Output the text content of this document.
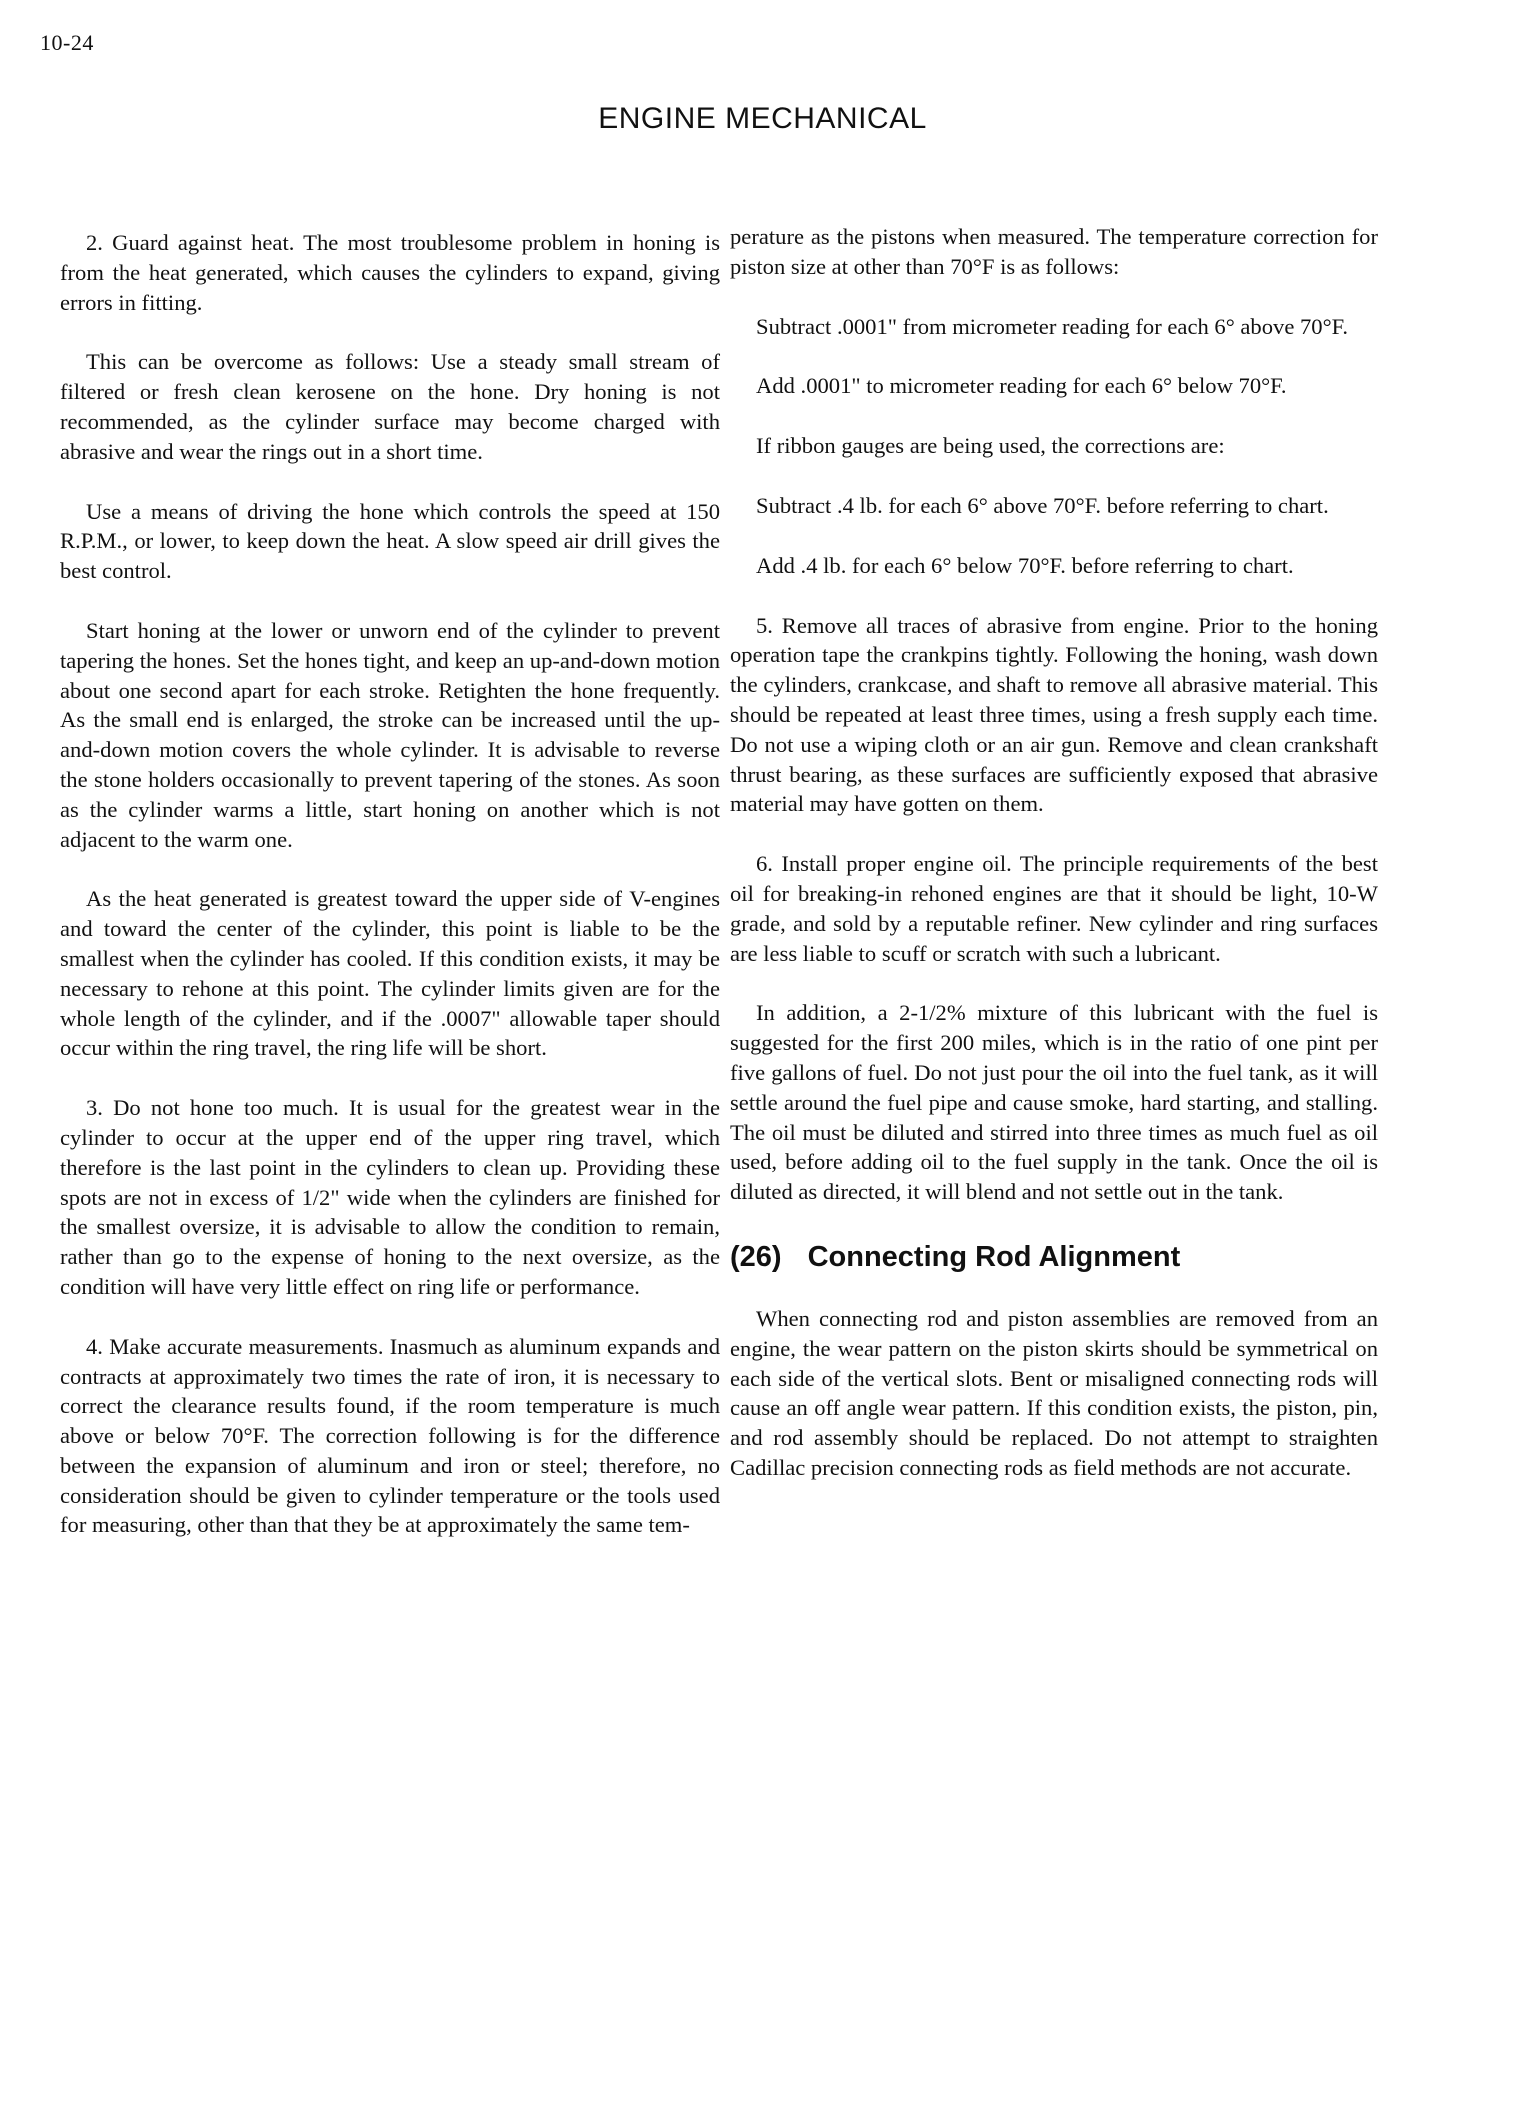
10-24
ENGINE MECHANICAL

2. Guard against heat. The most troublesome problem in honing is from the heat generated, which causes the cylinders to expand, giving errors in fitting.

This can be overcome as follows: Use a steady small stream of filtered or fresh clean kerosene on the hone. Dry honing is not recommended, as the cylinder surface may become charged with abrasive and wear the rings out in a short time.

Use a means of driving the hone which controls the speed at 150 R.P.M., or lower, to keep down the heat. A slow speed air drill gives the best control.

Start honing at the lower or unworn end of the cylinder to prevent tapering the hones. Set the hones tight, and keep an up-and-down motion about one second apart for each stroke. Retighten the hone frequently. As the small end is enlarged, the stroke can be increased until the up-and-down motion covers the whole cylinder. It is advisable to reverse the stone holders occasionally to prevent tapering of the stones. As soon as the cylinder warms a little, start honing on another which is not adjacent to the warm one.

As the heat generated is greatest toward the upper side of V-engines and toward the center of the cylinder, this point is liable to be the smallest when the cylinder has cooled. If this condition exists, it may be necessary to rehone at this point. The cylinder limits given are for the whole length of the cylinder, and if the .0007" allowable taper should occur within the ring travel, the ring life will be short.

3. Do not hone too much. It is usual for the greatest wear in the cylinder to occur at the upper end of the upper ring travel, which therefore is the last point in the cylinders to clean up. Providing these spots are not in excess of 1/2" wide when the cylinders are finished for the smallest oversize, it is advisable to allow the condition to remain, rather than go to the expense of honing to the next oversize, as the condition will have very little effect on ring life or performance.

4. Make accurate measurements. Inasmuch as aluminum expands and contracts at approximately two times the rate of iron, it is necessary to correct the clearance results found, if the room temperature is much above or below 70°F. The correction following is for the difference between the expansion of aluminum and iron or steel; therefore, no consideration should be given to cylinder temperature or the tools used for measuring, other than that they be at approximately the same tem-

perature as the pistons when measured. The temperature correction for piston size at other than 70°F is as follows:

Subtract .0001" from micrometer reading for each 6° above 70°F.

Add .0001" to micrometer reading for each 6° below 70°F.

If ribbon gauges are being used, the corrections are:

Subtract .4 lb. for each 6° above 70°F. before referring to chart.

Add .4 lb. for each 6° below 70°F. before referring to chart.

5. Remove all traces of abrasive from engine. Prior to the honing operation tape the crankpins tightly. Following the honing, wash down the cylinders, crankcase, and shaft to remove all abrasive material. This should be repeated at least three times, using a fresh supply each time. Do not use a wiping cloth or an air gun. Remove and clean crankshaft thrust bearing, as these surfaces are sufficiently exposed that abrasive material may have gotten on them.

6. Install proper engine oil. The principle requirements of the best oil for breaking-in rehoned engines are that it should be light, 10-W grade, and sold by a reputable refiner. New cylinder and ring surfaces are less liable to scuff or scratch with such a lubricant.

In addition, a 2-1/2% mixture of this lubricant with the fuel is suggested for the first 200 miles, which is in the ratio of one pint per five gallons of fuel. Do not just pour the oil into the fuel tank, as it will settle around the fuel pipe and cause smoke, hard starting, and stalling. The oil must be diluted and stirred into three times as much fuel as oil used, before adding oil to the fuel supply in the tank. Once the oil is diluted as directed, it will blend and not settle out in the tank.

(26) Connecting Rod Alignment

When connecting rod and piston assemblies are removed from an engine, the wear pattern on the piston skirts should be symmetrical on each side of the vertical slots. Bent or misaligned connecting rods will cause an off angle wear pattern. If this condition exists, the piston, pin, and rod assembly should be replaced. Do not attempt to straighten Cadillac precision connecting rods as field methods are not accurate.
